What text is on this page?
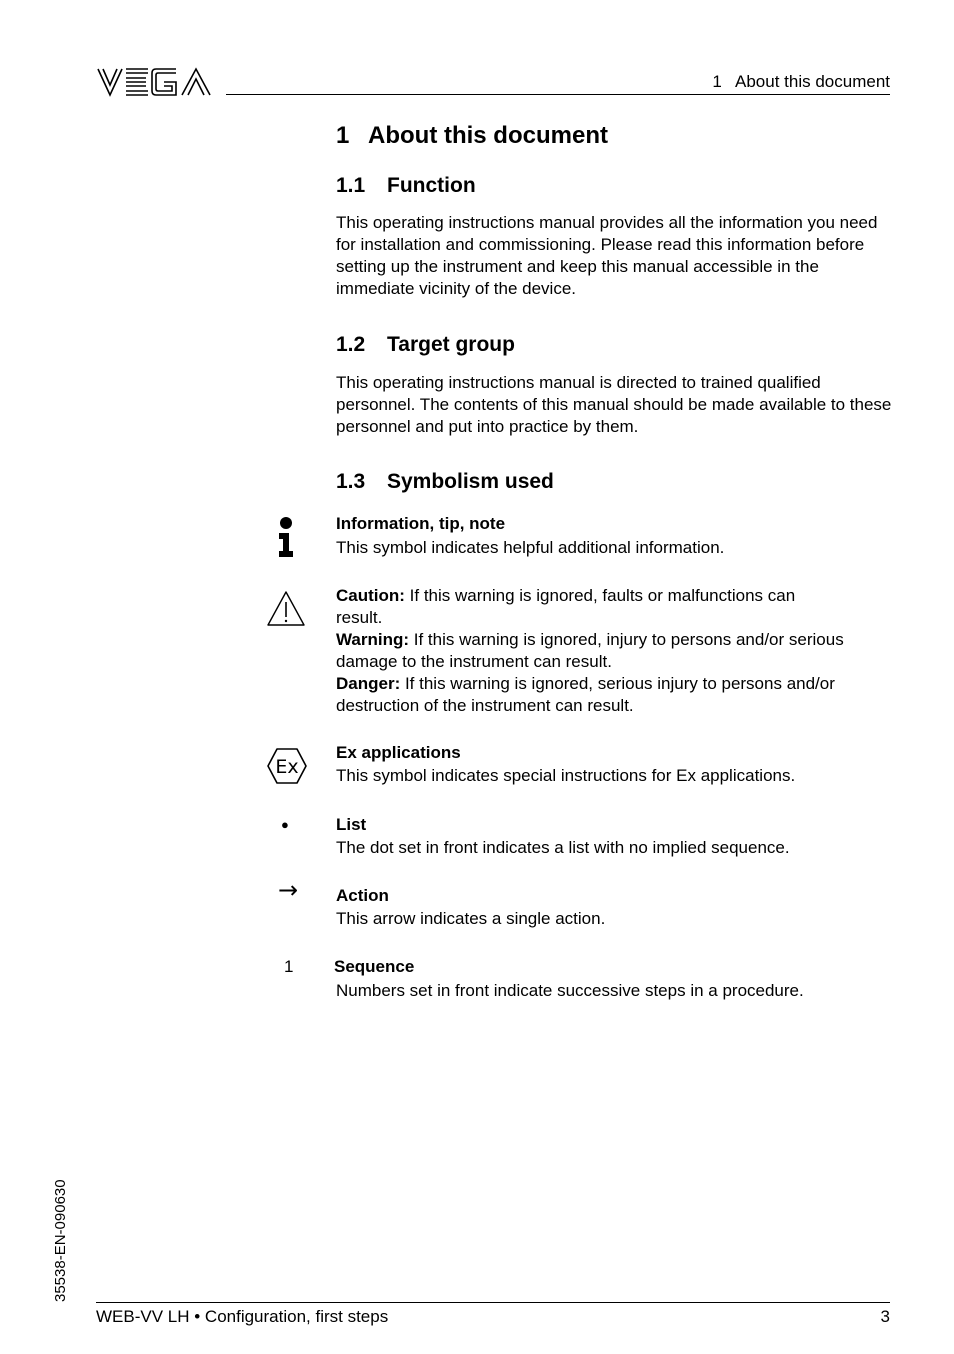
1   About this document
1 About this document
1.1 Function
This operating instructions manual provides all the information you need for installation and commissioning. Please read this information before setting up the instrument and keep this manual accessible in the immediate vicinity of the device.
1.2 Target group
This operating instructions manual is directed to trained qualified personnel. The contents of this manual should be made available to these personnel and put into practice by them.
1.3 Symbolism used
Information, tip, note
This symbol indicates helpful additional information.

Caution: If this warning is ignored, faults or malfunctions can result.

Warning: If this warning is ignored, injury to persons and/or serious damage to the instrument can result.

Danger: If this warning is ignored, serious injury to persons and/or destruction of the instrument can result.

Ex
Ex applications
This symbol indicates special instructions for Ex applications.
●	List
The dot set in front indicates a list with no implied sequence.
→ Action
This arrow indicates a single action.
1 Sequence
Numbers set in front indicate successive steps in a procedure.
35538-EN-090630
WEB-VV LH • Configuration, first steps	3
